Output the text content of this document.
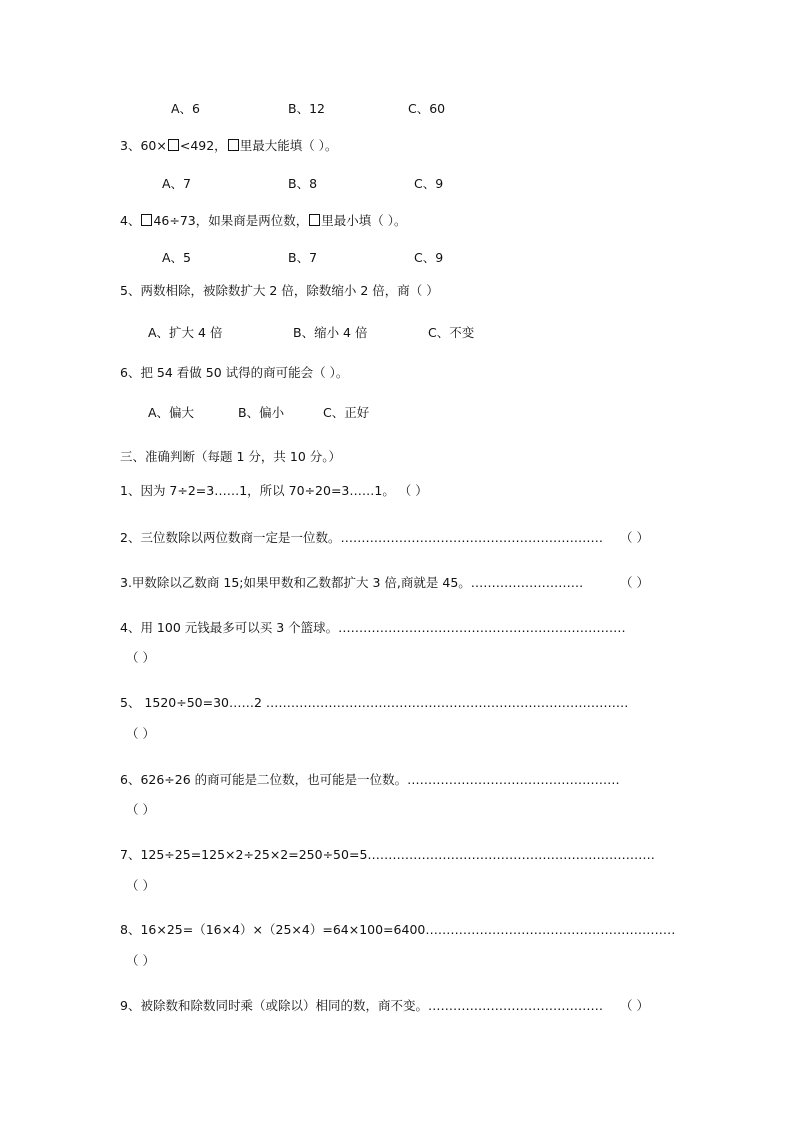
A、6	B、12	C、60
3、60× <492， 里最大能填（ ）。
A、7	B、8	C、9
4、 46÷73，如果商是两位数， 里最小填（ ）。
A、5	B、7	C、9
5、两数相除，被除数扩大 2 倍，除数缩小 2 倍，商（ ）
A、扩大 4 倍	B、缩小 4 倍	C、不变
6、把 54 看做 50 试得的商可能会（ ）。
A、偏大	B、偏小	C、正好
三、准确判断（每题 1 分，共 10 分。）
1、因为 7÷2=3……1，所以 70÷20=3……1。 （ ）
2、三位数除以两位数商一定是一位数。……………………………………………………… （ ）
3.甲数除以乙数商 15;如果甲数和乙数都扩大 3 倍,商就是 45。………………………	（ ）
4、用 100 元钱最多可以买 3 个篮球。……………………………………………………………
（ ）
5、 1520÷50=30……2 ……………………………………………………………………………
（ ）
6、626÷26 的商可能是二位数，也可能是一位数。……………………………………………
（ ）
7、125÷25=125×2÷25×2=250÷50=5……………………………………………………………
（ ）
8、16×25=（16×4）×（25×4）=64×100=6400……………………………………………………
（ ）
9、被除数和除数同时乘（或除以）相同的数，商不变。…………………………………… （ ）
